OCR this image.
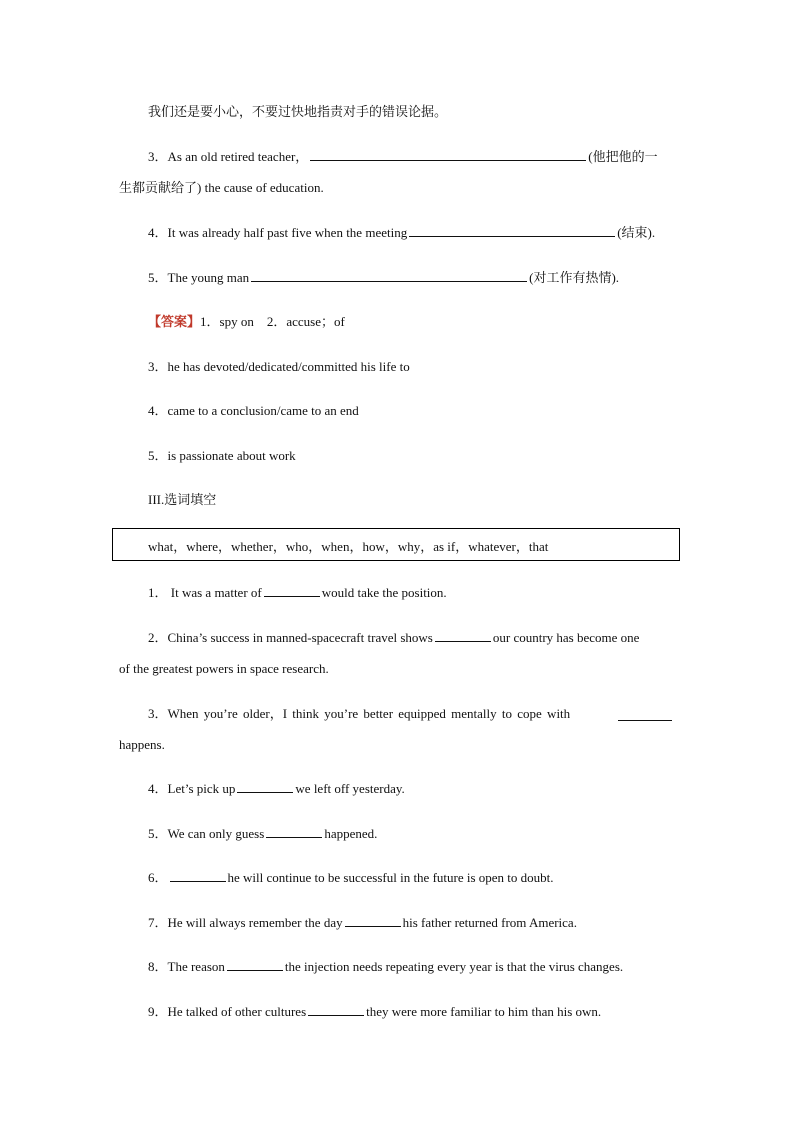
我们还是要小心，不要过快地指责对手的错误论据。

3．As an old retired teacher，	(他把他的一

生都贡献给了) the cause of education.

4．It was already half past five when the meeting	(结束).

5．The young man	(对工作有热情).

【答案】1．spy on　2．accuse；of

3．he has devoted/dedicated/committed his life to

4．came to a conclusion/came to an end

5．is passionate about work

III.选词填空

what，where，whether，who，when，how，why，as if，whatever，that

1． It was a matter of	would take the position.

2．China’s success in manned-spacecraft travel shows	our country has become one

of the greatest powers in space research.

3．When you’re older，I think you’re better equipped mentally to cope with

happens.

4．Let’s pick up	we left off yesterday.

5．We can only guess	happened.

6．	he will continue to be successful in the future is open to doubt.

7．He will always remember the day	his father returned from America.

8．The reason	the injection needs repeating every year is that the virus changes.

9．He talked of other cultures	they were more familiar to him than his own.
